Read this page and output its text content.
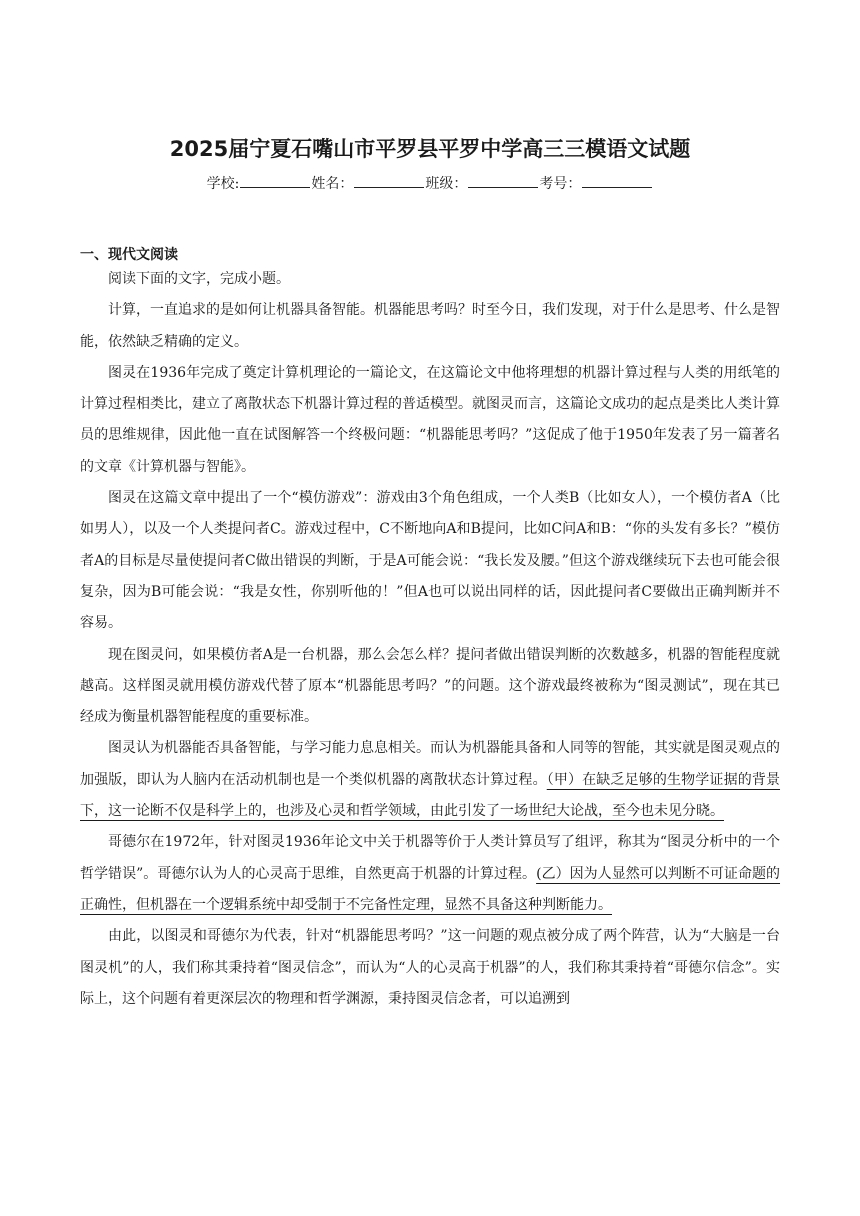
2025届宁夏石嘴山市平罗县平罗中学高三三模语文试题
学校:	姓名：	班级：	考号：
一、现代文阅读

阅读下面的文字，完成小题。

计算，一直追求的是如何让机器具备智能。机器能思考吗？时至今日，我们发现，对于什么是思考、什么是智能，依然缺乏精确的定义。

图灵在1936年完成了奠定计算机理论的一篇论文，在这篇论文中他将理想的机器计算过程与人类的用纸笔的计算过程相类比，建立了离散状态下机器计算过程的普适模型。就图灵而言，这篇论文成功的起点是类比人类计算员的思维规律，因此他一直在试图解答一个终极问题：“机器能思考吗？”这促成了他于1950年发表了另一篇著名的文章《计算机器与智能》。

图灵在这篇文章中提出了一个“模仿游戏”：游戏由3个角色组成，一个人类B（比如女人），一个模仿者A（比如男人），以及一个人类提问者C。游戏过程中，C不断地向A和B提问，比如C问A和B：“你的头发有多长？”模仿者A的目标是尽量使提问者C做出错误的判断，于是A可能会说：“我长发及腰。”但这个游戏继续玩下去也可能会很复杂，因为B可能会说：“我是女性，你别听他的！”但A也可以说出同样的话，因此提问者C要做出正确判断并不容易。

现在图灵问，如果模仿者A是一台机器，那么会怎么样？提问者做出错误判断的次数越多，机器的智能程度就越高。这样图灵就用模仿游戏代替了原本“机器能思考吗？”的问题。这个游戏最终被称为“图灵测试”，现在其已经成为衡量机器智能程度的重要标准。

图灵认为机器能否具备智能，与学习能力息息相关。而认为机器能具备和人同等的智能，其实就是图灵观点的加强版，即认为人脑内在活动机制也是一个类似机器的离散状态计算过程。（甲）在缺乏足够的生物学证据的背景下，这一论断不仅是科学上的，也涉及心灵和哲学领域，由此引发了一场世纪大论战，至今也未见分晓。

哥德尔在1972年，针对图灵1936年论文中关于机器等价于人类计算员写了组评，称其为“图灵分析中的一个哲学错误”。哥德尔认为人的心灵高于思维，自然更高于机器的计算过程。(乙）因为人显然可以判断不可证命题的正确性，但机器在一个逻辑系统中却受制于不完备性定理，显然不具备这种判断能力。

由此，以图灵和哥德尔为代表，针对“机器能思考吗？”这一问题的观点被分成了两个阵营，认为“大脑是一台图灵机”的人，我们称其秉持着“图灵信念”，而认为“人的心灵高于机器”的人，我们称其秉持着“哥德尔信念”。实际上，这个问题有着更深层次的物理和哲学渊源，秉持图灵信念者，可以追溯到
